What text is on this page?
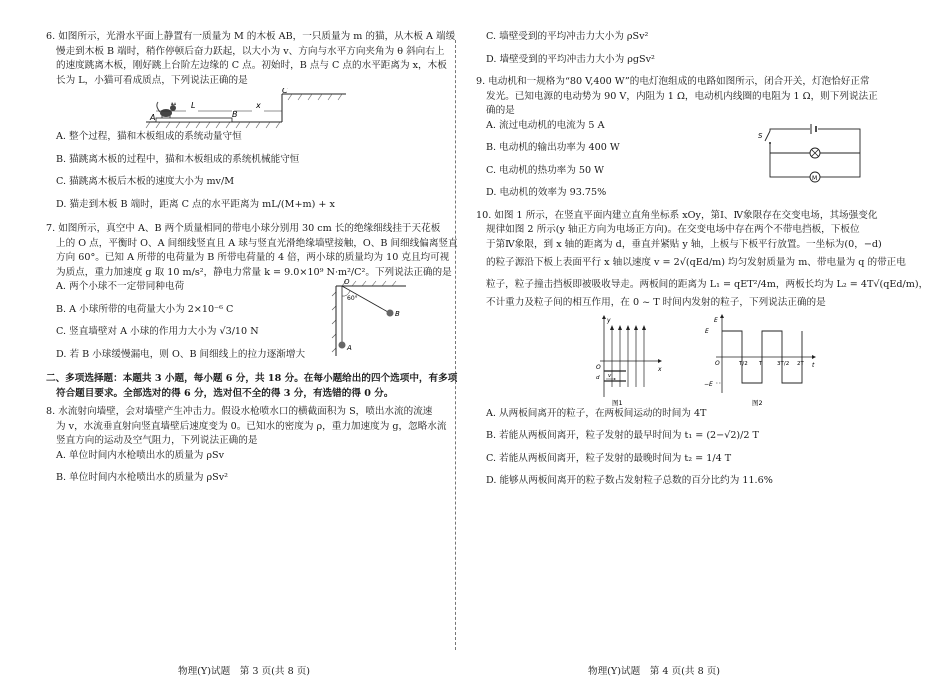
6. 如图所示，光滑水平面上静置有一质量为 M 的木板 AB，一只质量为 m 的猫，从木板 A 端缓

慢走到木板 B 端时，稍作停顿后奋力跃起，以大小为 v、方向与水平方向夹角为 θ 斜向右上

的速度跳离木板，刚好跳上台阶左边缘的 C 点。初始时，B 点与 C 点的水平距离为 x，木板

长为 L，小猫可看成质点，下列说法正确的是

A	B
C
L	x

A. 整个过程，猫和木板组成的系统动量守恒

B. 猫跳离木板的过程中，猫和木板组成的系统机械能守恒

C. 猫跳离木板后木板的速度大小为 mv/M

D. 猫走到木板 B 端时，距离 C 点的水平距离为 mL/(M+m) + x

7. 如图所示，真空中 A、B 两个质量相同的带电小球分别用 30 cm 长的绝缘细线挂于天花板

上的 O 点，平衡时 O、A 间细线竖直且 A 球与竖直光滑绝缘墙壁接触，O、B 间细线偏离竖直

方向 60°。已知 A 所带的电荷量为 B 所带电荷量的 4 倍，两小球的质量均为 10 克且均可视

为质点，重力加速度 g 取 10 m/s²，静电力常量 k = 9.0×10⁹ N·m²/C²。下列说法正确的是

A. 两个小球不一定带同种电荷

B. A 小球所带的电荷量大小为 2×10⁻⁶ C

C. 竖直墙壁对 A 小球的作用力大小为 √3/10 N

D. 若 B 小球缓慢漏电，则 O、B 间细线上的拉力逐渐增大

O
60°
A
B

二、多项选择题：本题共 3 小题，每小题 6 分，共 18 分。在每小题给出的四个选项中，有多项

符合题目要求。全部选对的得 6 分，选对但不全的得 3 分，有选错的得 0 分。

8. 水流射向墙壁，会对墙壁产生冲击力。假设水枪喷水口的横截面积为 S，喷出水流的流速

为 v，水流垂直射向竖直墙壁后速度变为 0。已知水的密度为 ρ，重力加速度为 g，忽略水流

竖直方向的运动及空气阻力，下列说法正确的是

A. 单位时间内水枪喷出水的质量为 ρSv

B. 单位时间内水枪喷出水的质量为 ρSv²

物理(Y)试题　第 3 页(共 8 页)

C. 墙壁受到的平均冲击力大小为 ρSv²

D. 墙壁受到的平均冲击力大小为 ρgSv²

9. 电动机和一规格为“80 V,400 W”的电灯泡组成的电路如图所示，闭合开关，灯泡恰好正常

发光。已知电源的电动势为 90 V，内阻为 1 Ω，电动机内线圈的电阻为 1 Ω，则下列说法正

确的是

A. 流过电动机的电流为 5 A

B. 电动机的输出功率为 400 W

C. 电动机的热功率为 50 W

D. 电动机的效率为 93.75%

S
M

10. 如图 1 所示，在竖直平面内建立直角坐标系 xOy，第Ⅰ、Ⅳ象限存在交变电场，其场强变化

规律如图 2 所示(y 轴正方向为电场正方向)。在交变电场中存在两个不带电挡板，下板位

于第Ⅳ象限，到 x 轴的距离为 d，垂直并紧贴 y 轴，上板与下板平行放置。一坐标为(0，−d)

的粒子源沿下板上表面平行 x 轴以速度 v = 2√(qEd/m) 均匀发射质量为 m、带电量为 q 的带正电

粒子，粒子撞击挡板即被吸收导走。两板间的距离为 L₁ = qET²/4m，两板长均为 L₂ = 4T√(qEd/m)，

不计重力及粒子间的相互作用，在 0 ~ T 时间内发射的粒子，下列说法正确的是

y
x
O
v
d
图1
E
t
O
E
−E
T/2 T	3T/2 2T
图2

A. 从两板间离开的粒子，在两板间运动的时间为 4T

B. 若能从两板间离开，粒子发射的最早时间为 t₁ = (2−√2)/2 T

C. 若能从两板间离开，粒子发射的最晚时间为 t₂ = 1/4 T

D. 能够从两板间离开的粒子数占发射粒子总数的百分比约为 11.6%

物理(Y)试题　第 4 页(共 8 页)
